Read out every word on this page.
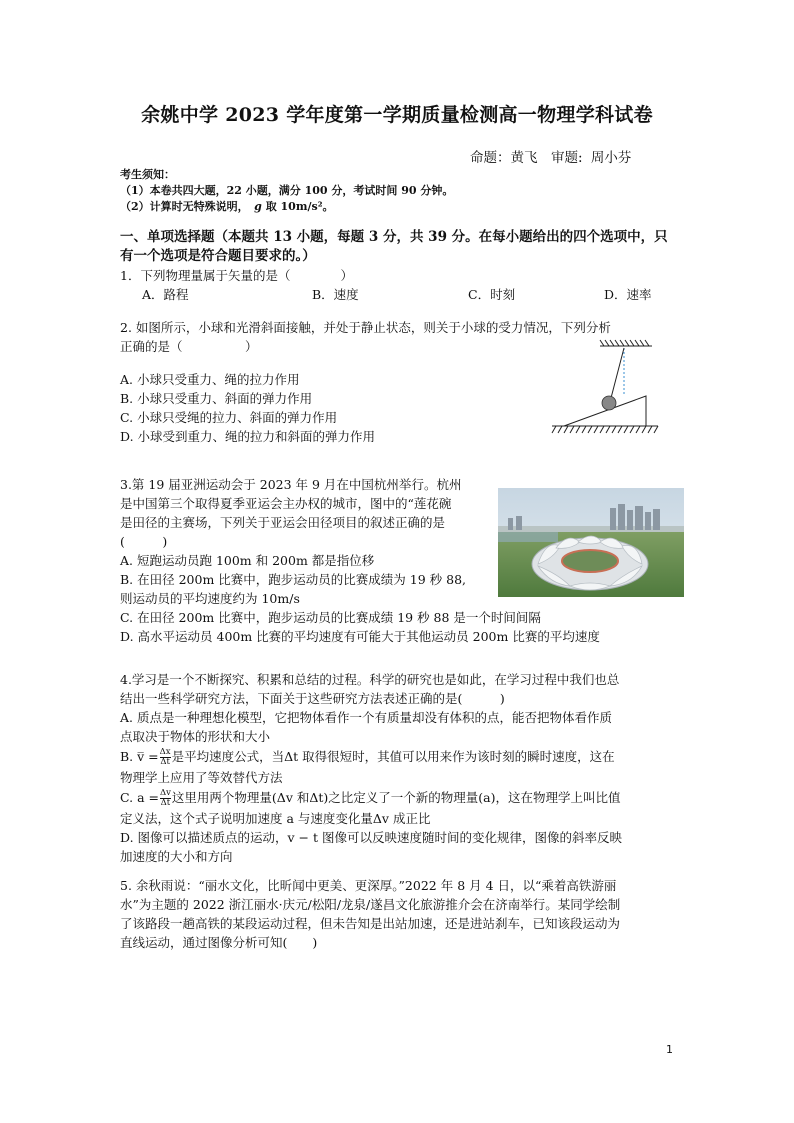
余姚中学 2023 学年度第一学期质量检测高一物理学科试卷
命题：黄飞　审题: 周小芬
考生须知：
（1）本卷共四大题，22 小题，满分 100 分，考试时间 90 分钟。
（2）计算时无特殊说明，　 g 取 10m/s²。
一、单项选择题（本题共 13 小题，每题 3 分，共 39 分。在每小题给出的四个选项中，只
有一个选项是符合题目要求的。）
1．下列物理量属于矢量的是（　　　　）
A．路程	B．速度	C．时刻	D．速率
2. 如图所示，小球和光滑斜面接触，并处于静止状态，则关于小球的受力情况，下列分析
正确的是（　　　　　）
A. 小球只受重力、绳的拉力作用
B. 小球只受重力、斜面的弹力作用
C. 小球只受绳的拉力、斜面的弹力作用
D. 小球受到重力、绳的拉力和斜面的弹力作用
3.第 19 届亚洲运动会于 2023 年 9 月在中国杭州举行。杭州
是中国第三个取得夏季亚运会主办权的城市，图中的“莲花碗
是田径的主赛场，下列关于亚运会田径项目的叙述正确的是
(　　　)
A. 短跑运动员跑 100m 和 200m 都是指位移
B. 在田径 200m 比赛中，跑步运动员的比赛成绩为 19 秒 88,
则运动员的平均速度约为 10m/s
C. 在田径 200m 比赛中，跑步运动员的比赛成绩 19 秒 88 是一个时间间隔
D. 高水平运动员 400m 比赛的平均速度有可能大于其他运动员 200m 比赛的平均速度
4.学习是一个不断探究、积累和总结的过程。科学的研究也是如此，在学习过程中我们也总
结出一些科学研究方法，下面关于这些研究方法表述正确的是(　　　)
A. 质点是一种理想化模型，它把物体看作一个有质量却没有体积的点，能否把物体看作质
点取决于物体的形状和大小
B. v̅ = $\frac{\Delta x}{\Delta t}$ 是平均速度公式，当Δt 取得很短时，其值可以用来作为该时刻的瞬时速度，这在
物理学上应用了等效替代方法
C. $a = \frac{\Delta v}{\Delta t}$ 这里用两个物理量(Δv 和Δt)之比定义了一个新的物理量(a)，这在物理学上叫比值
定义法，这个式子说明加速度 a 与速度变化量Δv 成正比
D. 图像可以描述质点的运动，v − t 图像可以反映速度随时间的变化规律，图像的斜率反映
加速度的大小和方向
5. 余秋雨说：“丽水文化，比昕闻中更美、更深厚。”2022 年 8 月 4 日，以“乘着高铁游丽
水”为主题的 2022 浙江丽水·庆元/松阳/龙泉/遂昌文化旅游推介会在济南举行。某同学绘制
了该路段一趟高铁的某段运动过程，但未告知是出站加速，还是进站刹车，已知该段运动为
直线运动，通过图像分析可知(　　)
1
